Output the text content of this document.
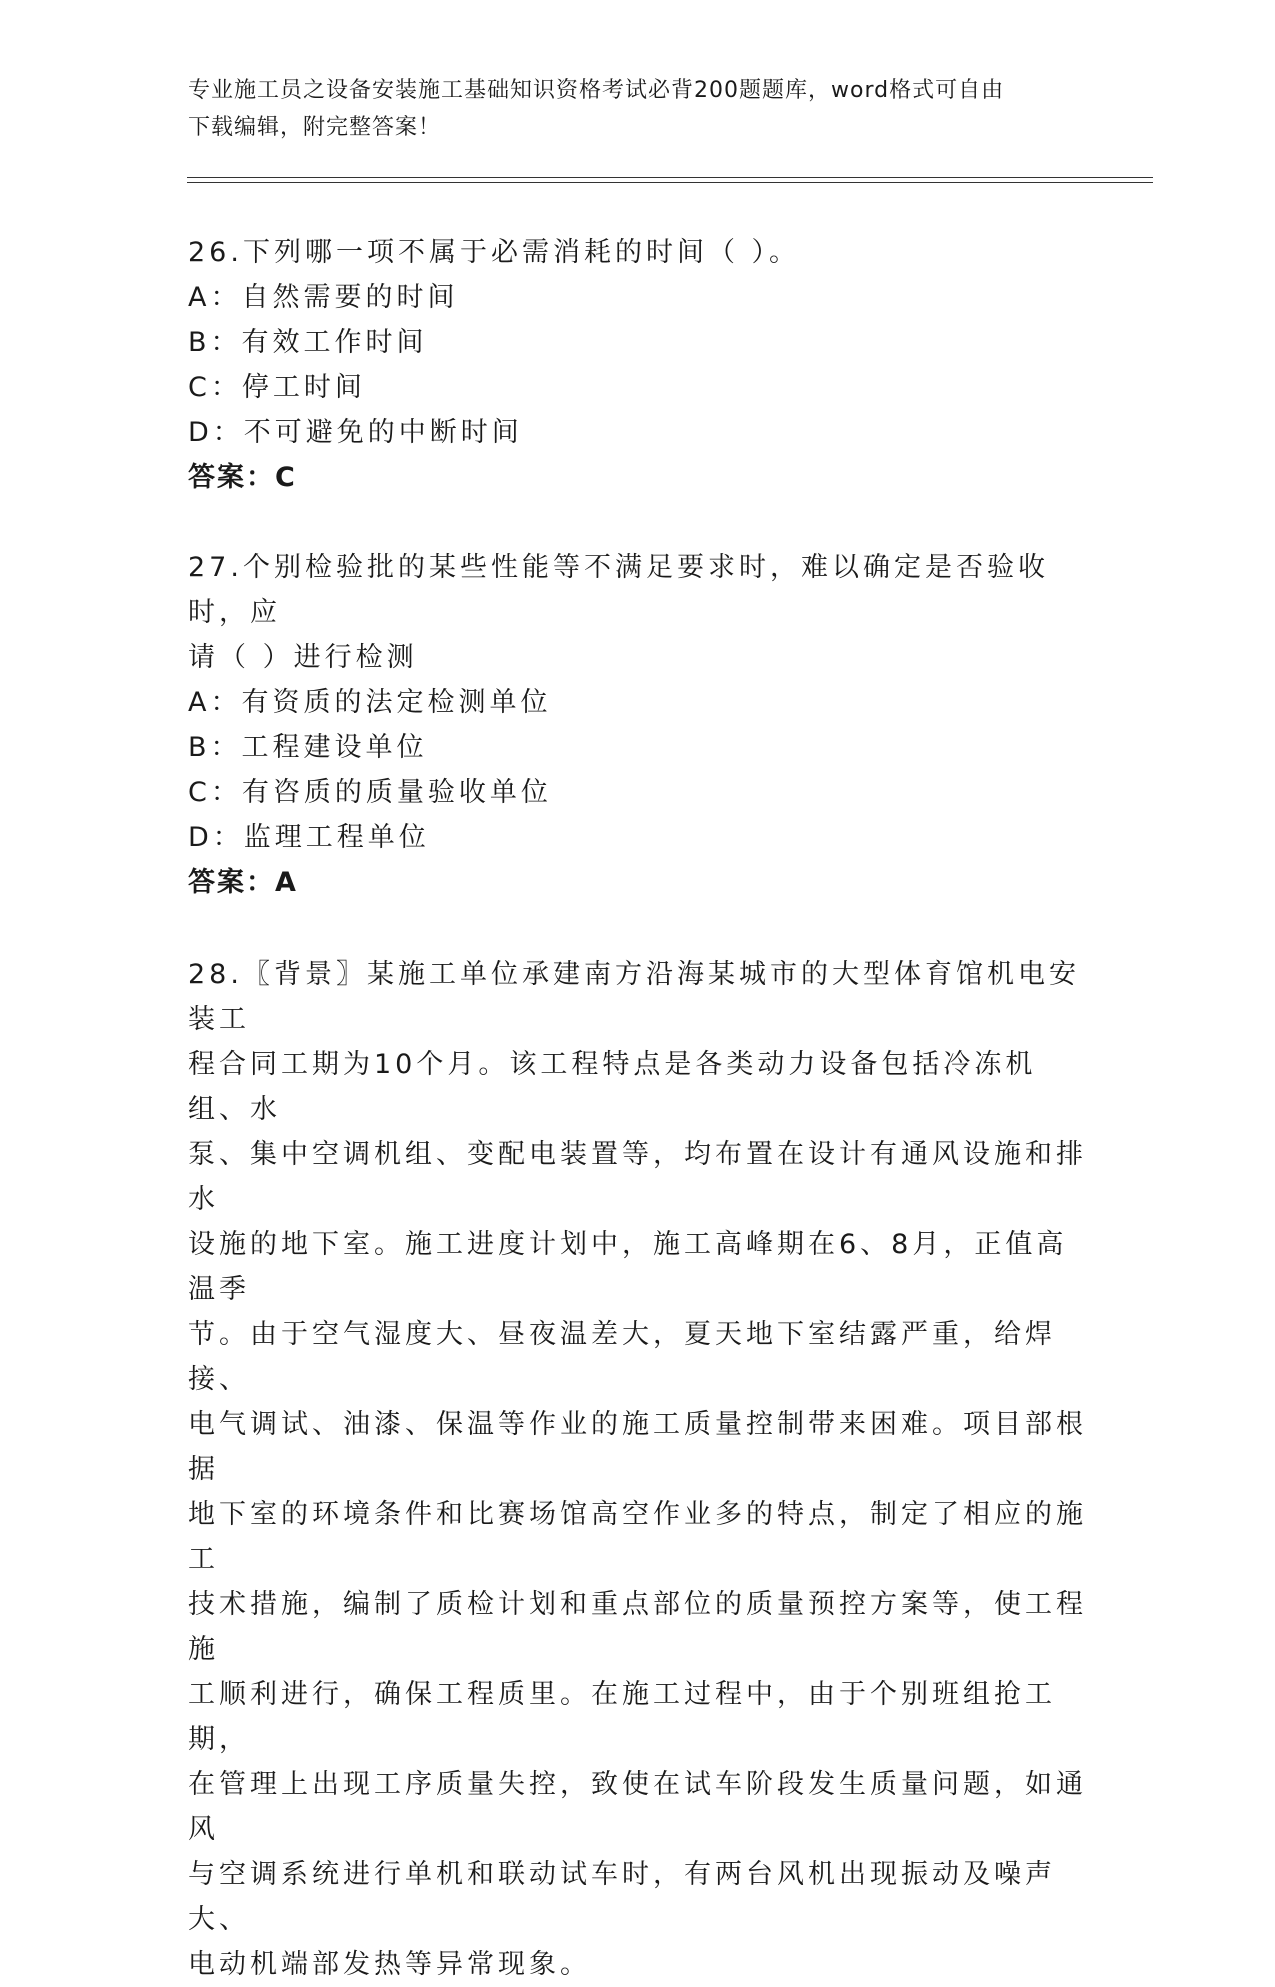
专业施工员之设备安装施工基础知识资格考试必背200题题库，word格式可自由
下载编辑，附完整答案！

26.下列哪一项不属于必需消耗的时间（ ）。

A：自然需要的时间

B：有效工作时间

C：停工时间

D：不可避免的中断时间

答案：C

27.个别检验批的某些性能等不满足要求时，难以确定是否验收时，应

请（ ）进行检测

A：有资质的法定检测单位

B：工程建设单位

C：有咨质的质量验收单位

D：监理工程单位

答案：A

28.〖背景〗某施工单位承建南方沿海某城市的大型体育馆机电安装工

程合同工期为10个月。该工程特点是各类动力设备包括冷冻机组、水

泵、集中空调机组、变配电装置等，均布置在设计有通风设施和排水

设施的地下室。施工进度计划中，施工高峰期在6、8月，正值高温季

节。由于空气湿度大、昼夜温差大，夏天地下室结露严重，给焊接、

电气调试、油漆、保温等作业的施工质量控制带来困难。项目部根据

地下室的环境条件和比赛场馆高空作业多的特点，制定了相应的施工

技术措施，编制了质检计划和重点部位的质量预控方案等，使工程施

工顺利进行，确保工程质里。在施工过程中，由于个别班组抢工期，

在管理上出现工序质量失控，致使在试车阶段发生质量问题，如通风

与空调系统进行单机和联动试车时，有两台风机出现振动及噪声大、

电动机端部发热等异常现象。
